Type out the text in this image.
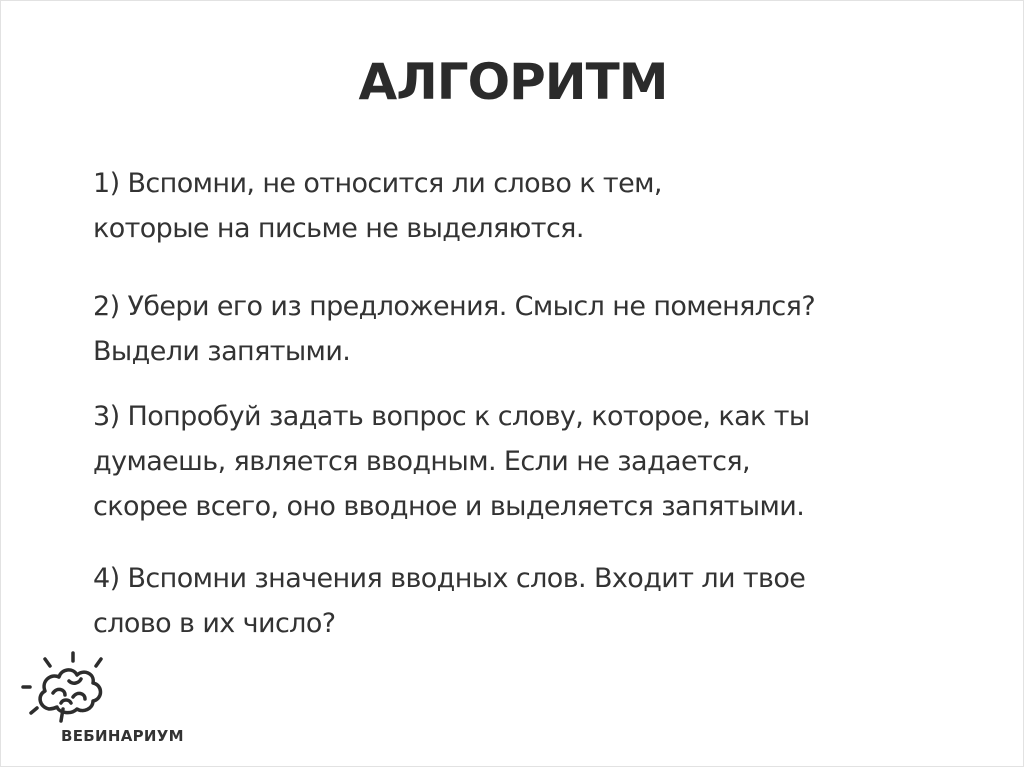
АЛГОРИТМ

1) Вспомни, не относится ли слово к тем,

которые на письме не выделяются.

2) Убери его из предложения. Смысл не поменялся?

Выдели запятыми.

3) Попробуй задать вопрос к слову, которое, как ты

думаешь, является вводным. Если не задается,

скорее всего, оно вводное и выделяется запятыми.

4) Вспомни значения вводных слов. Входит ли твое

слово в их число?

ВЕБИНАРИУМ
